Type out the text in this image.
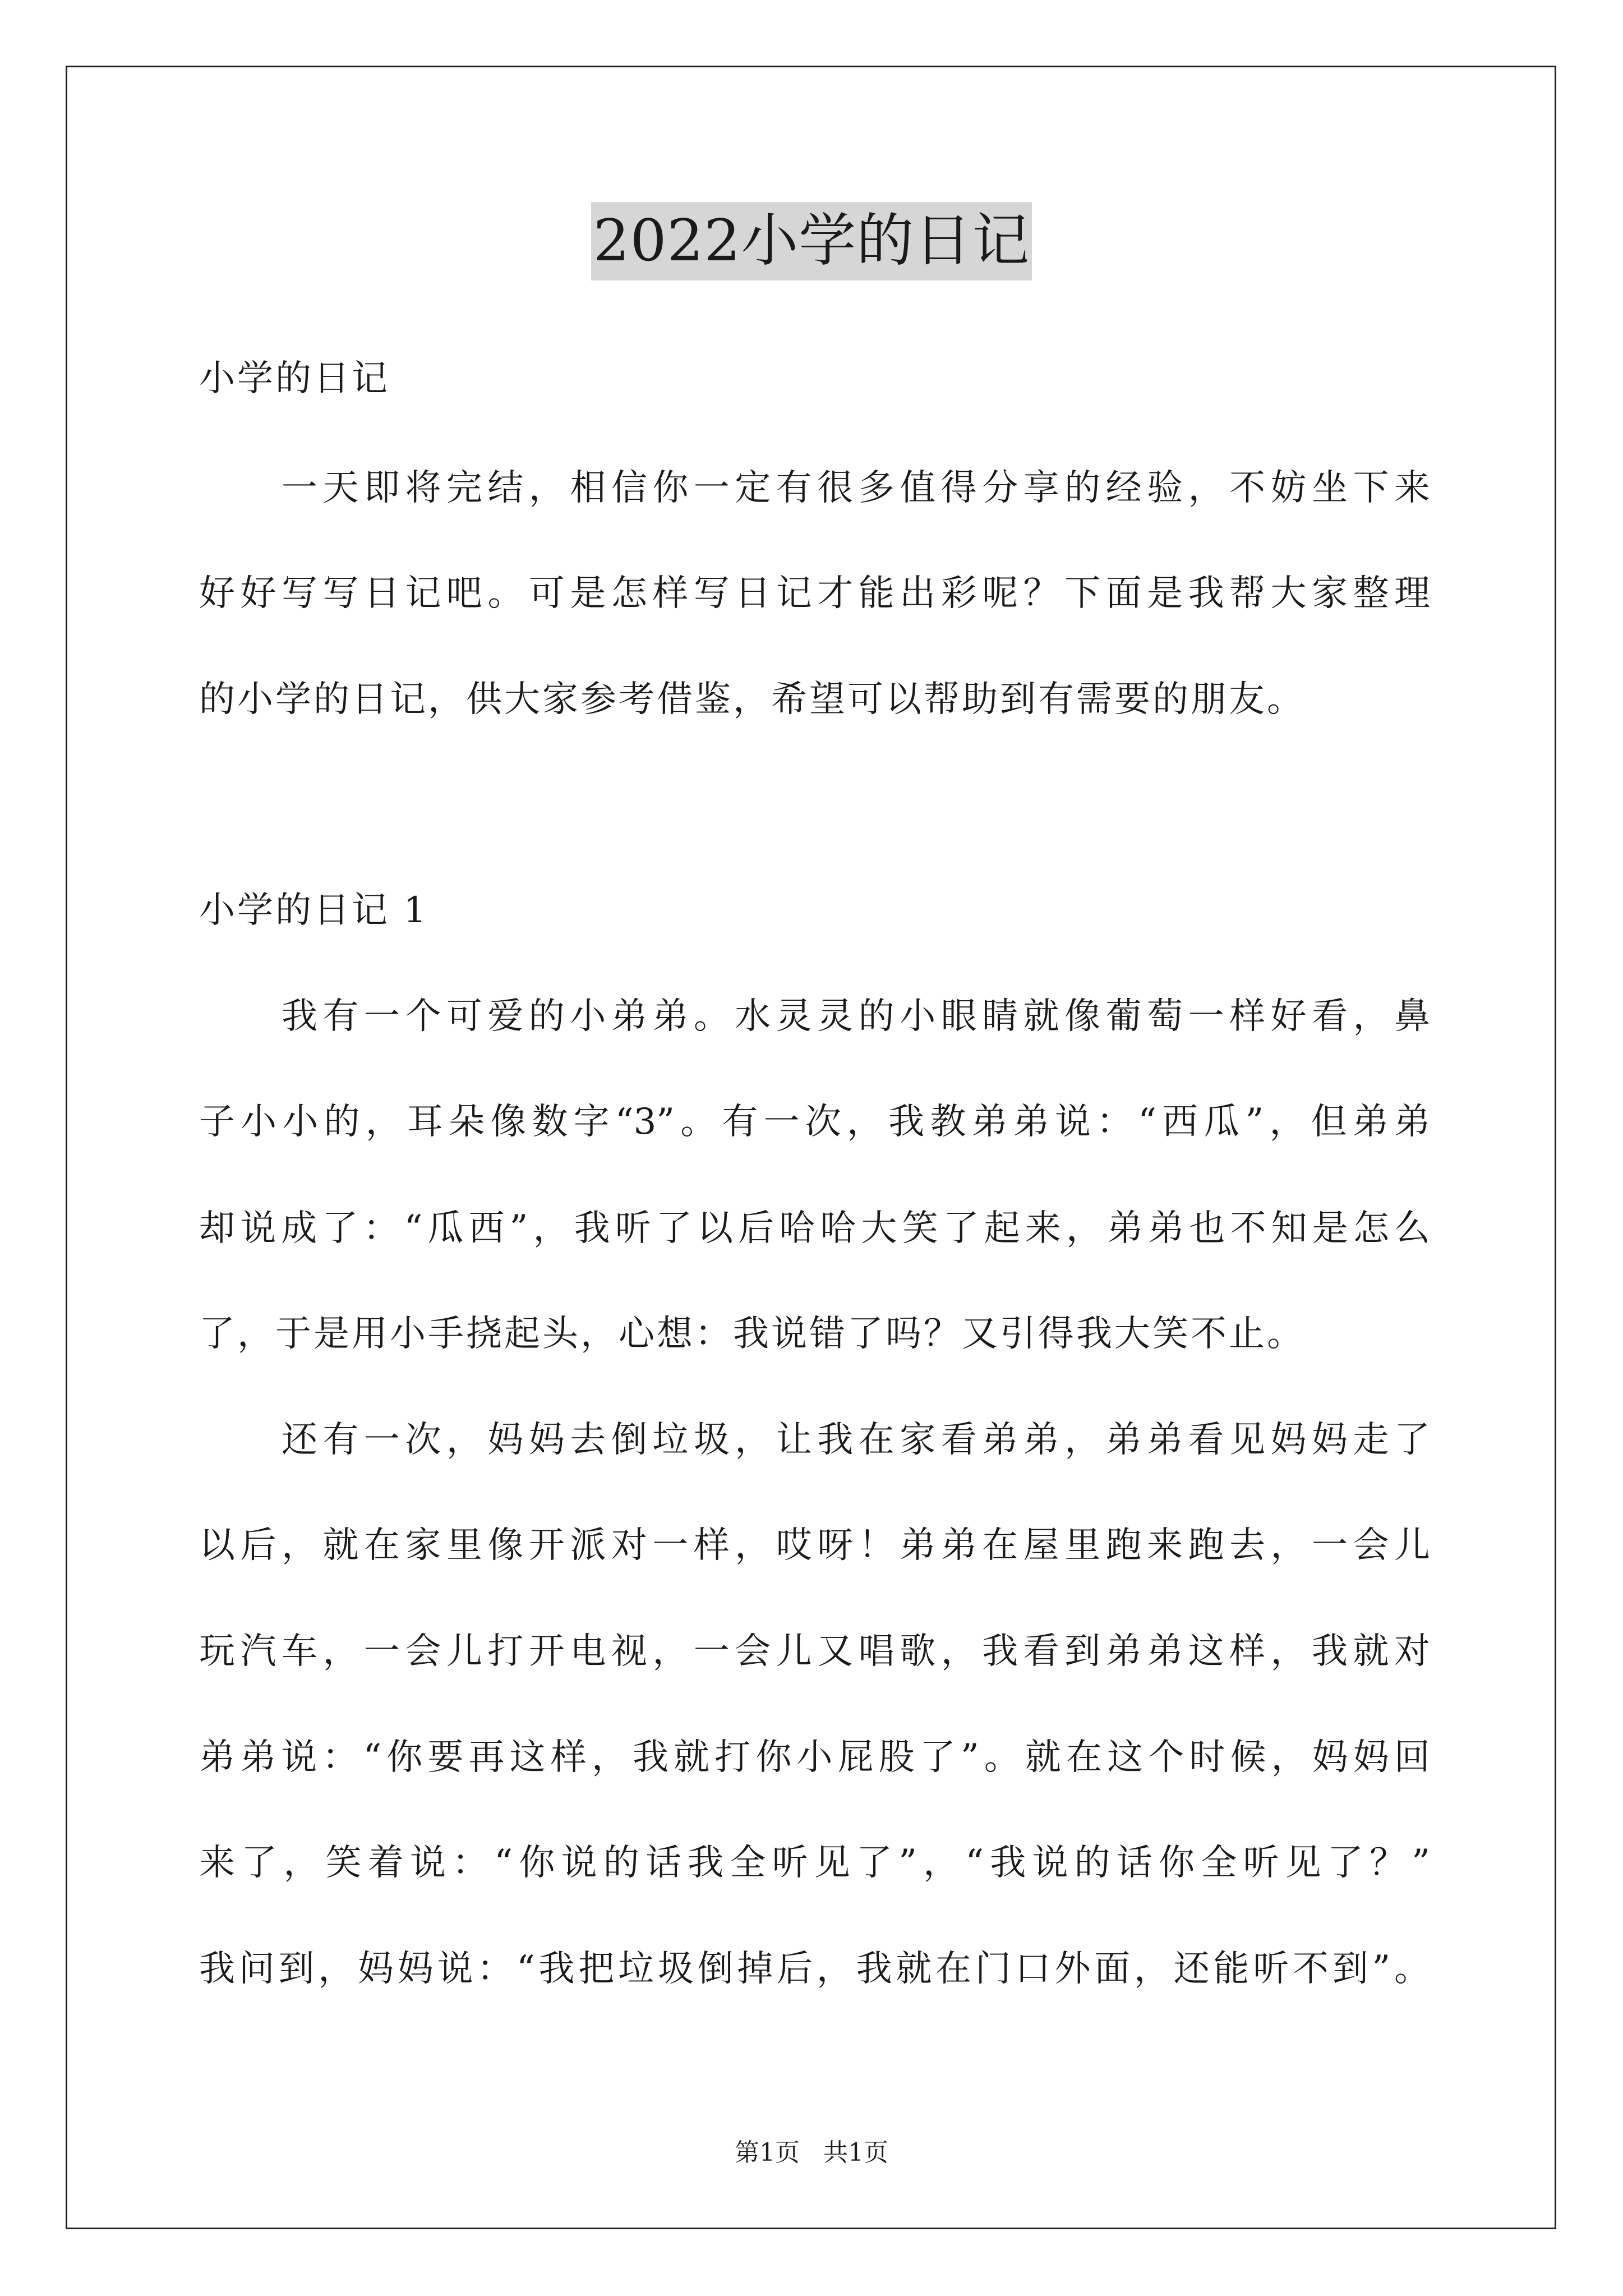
2022小学的日记
小学的日记
一天即将完结，相信你一定有很多值得分享的经验，不妨坐下来
好好写写日记吧。可是怎样写日记才能出彩呢？下面是我帮大家整理
的小学的日记，供大家参考借鉴，希望可以帮助到有需要的朋友。
小学的日记 1
我有一个可爱的小弟弟。水灵灵的小眼睛就像葡萄一样好看，鼻
子小小的，耳朵像数字“3”。有一次，我教弟弟说：“西瓜”，但弟弟
却说成了：“瓜西”，我听了以后哈哈大笑了起来，弟弟也不知是怎么
了，于是用小手挠起头，心想：我说错了吗？又引得我大笑不止。
还有一次，妈妈去倒垃圾，让我在家看弟弟，弟弟看见妈妈走了
以后，就在家里像开派对一样，哎呀！弟弟在屋里跑来跑去，一会儿
玩汽车，一会儿打开电视，一会儿又唱歌，我看到弟弟这样，我就对
弟弟说：“你要再这样，我就打你小屁股了”。就在这个时候，妈妈回
来了，笑着说：“你说的话我全听见了”，“我说的话你全听见了？”
我问到，妈妈说：“我把垃圾倒掉后，我就在门口外面，还能听不到”。
第1页   共1页
